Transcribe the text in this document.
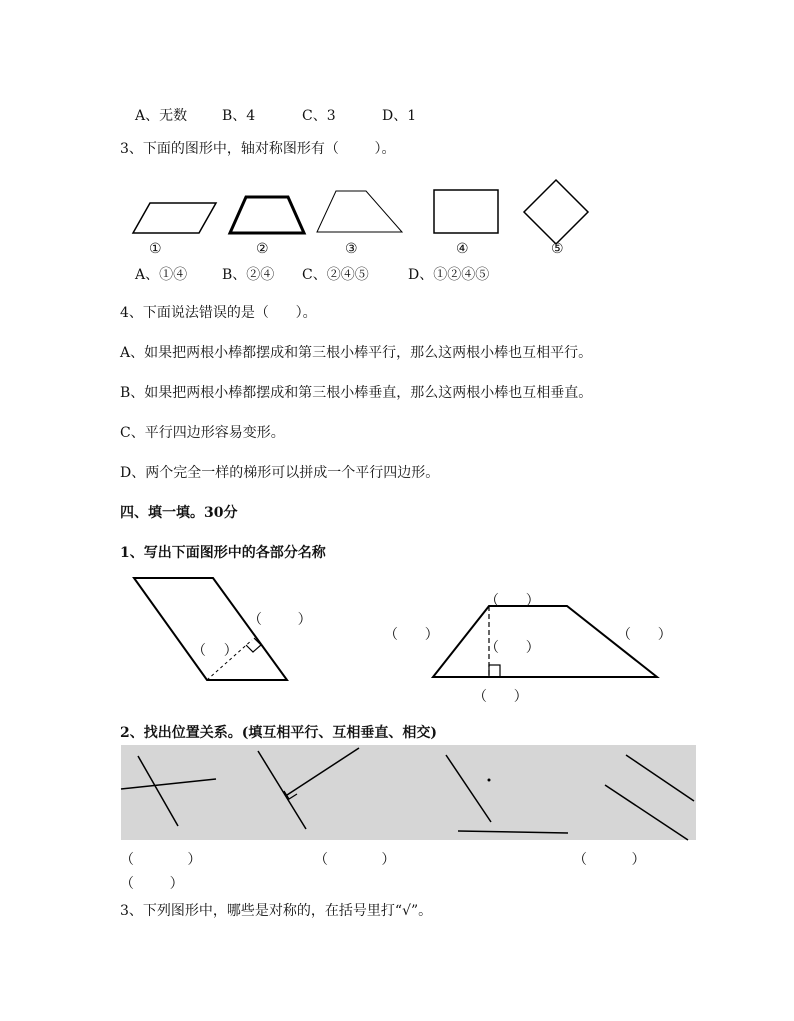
A、无数 B、4	C、3	D、1
3、下面的图形中，轴对称图形有（        ）。
①	②	③	④	⑤
A、①④ B、②④ C、②④⑤	D、①②④⑤
4、下面说法错误的是（      ）。
A、如果把两根小棒都摆成和第三根小棒平行，那么这两根小棒也互相平行。
B、如果把两根小棒都摆成和第三根小棒垂直，那么这两根小棒也互相垂直。
C、平行四边形容易变形。
D、两个完全一样的梯形可以拼成一个平行四边形。
四、填一填。30分
1、写出下面图形中的各部分名称
（        ）
（    ）
（      ）
（      ）
（      ）
（      ）
（      ）
2、找出位置关系。(填互相平行、互相垂直、相交)
（            ）	（            ）	（          ）
（        ）
3、下列图形中，哪些是对称的，在括号里打“√”。
